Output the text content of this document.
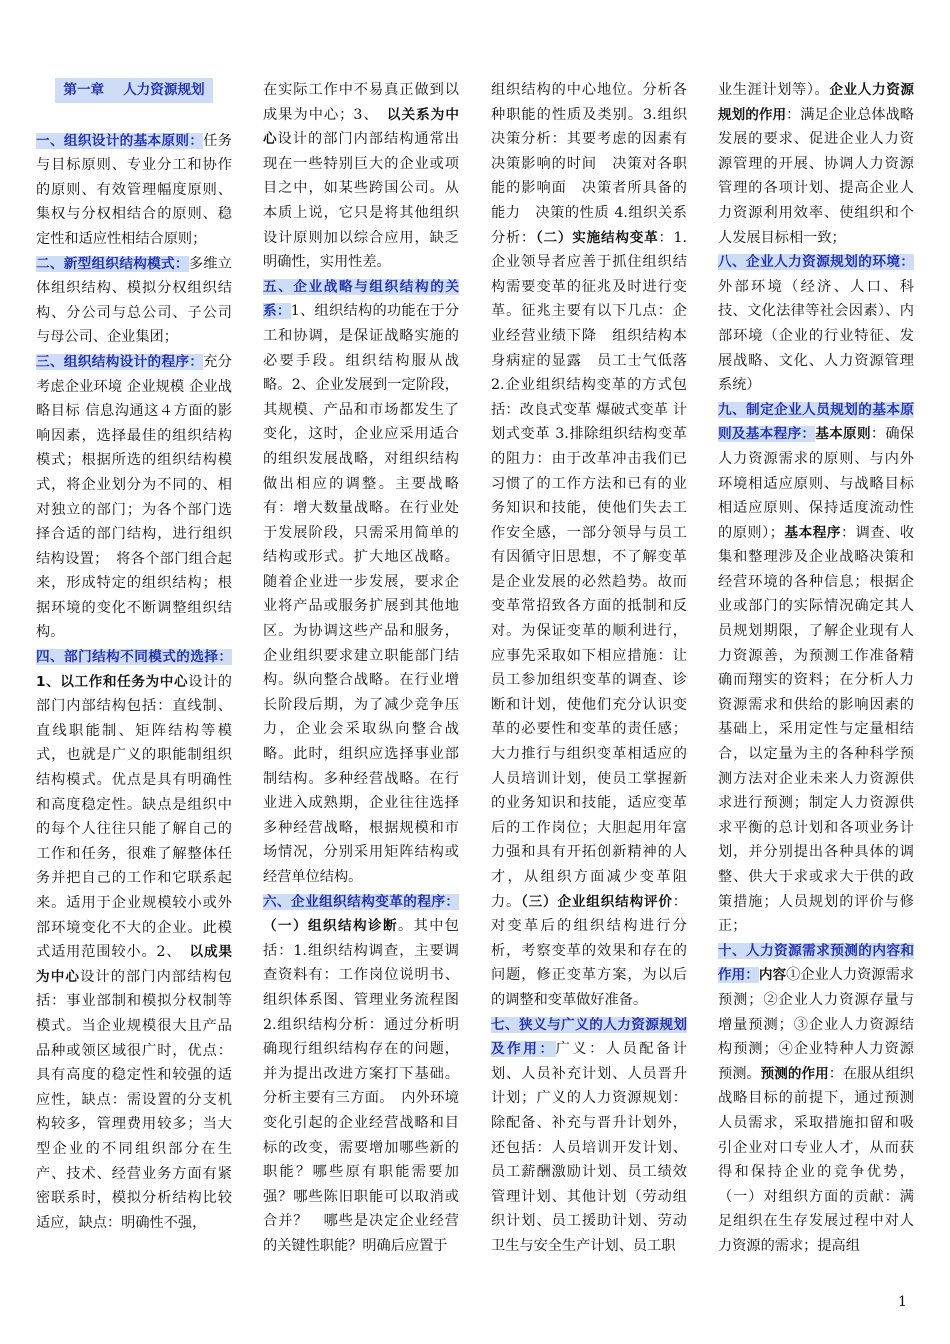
第一章    人力资源规划
一、组织设计的基本原则：任务与目标原则、专业分工和协作的原则、有效管理幅度原则、集权与分权相结合的原则、稳定性和适应性相结合原则；
二、新型组织结构模式：多维立体组织结构、模拟分权组织结构、分公司与总公司、子公司与母公司、企业集团；
三、组织结构设计的程序：充分考虑企业环境 企业规模 企业战略目标 信息沟通这４方面的影响因素，选择最佳的组织结构模式；根据所选的组织结构模式，将企业划分为不同的、相对独立的部门；为各个部门选择合适的部门结构，进行组织结构设置；　将各个部门组合起来，形成特定的组织结构；根据环境的变化不断调整组织结构。
四、部门结构不同模式的选择：1、以工作和任务为中心设计的部门内部结构包括：直线制、直线职能制、矩阵结构等模式，也就是广义的职能制组织结构模式。优点是具有明确性和高度稳定性。缺点是组织中的每个人往往只能了解自己的工作和任务，很难了解整体任务并把自己的工作和它联系起来。适用于企业规模较小或外部环境变化不大的企业。此模式适用范围较小。2、　以成果为中心设计的部门内部结构包括：事业部制和模拟分权制等模式。当企业规模很大且产品品种或领区域很广时，优点：具有高度的稳定性和较强的适应性，缺点：需设置的分支机构较多，管理费用较多；当大型企业的不同组织部分在生产、技术、经营业务方面有紧密联系时，模拟分析结构比较适应，缺点：明确性不强，
在实际工作中不易真正做到以成果为中心；3、　以关系为中心设计的部门内部结构通常出现在一些特别巨大的企业或项目之中，如某些跨国公司。从本质上说，它只是将其他组织设计原则加以综合应用，缺乏明确性，实用性差。
五、企业战略与组织结构的关系：1、组织结构的功能在于分工和协调，是保证战略实施的必要手段。组织结构服从战略。2、企业发展到一定阶段，其规模、产品和市场都发生了变化，这时，企业应采用适合的组织发展战略，对组织结构做出相应的调整。主要战略有：增大数量战略。在行业处于发展阶段，只需采用简单的结构或形式。扩大地区战略。随着企业进一步发展，要求企业将产品或服务扩展到其他地区。为协调这些产品和服务，企业组织要求建立职能部门结构。纵向整合战略。在行业增长阶段后期，为了减少竞争压力，企业会采取纵向整合战略。此时，组织应选择事业部制结构。多种经营战略。在行业进入成熟期，企业往往选择多种经营战略，根据规模和市场情况，分别采用矩阵结构或经营单位结构。
六、企业组织结构变革的程序：（一）组织结构诊断。其中包括：1.组织结构调查，主要调查资料有：工作岗位说明书、组织体系图、管理业务流程图 2.组织结构分析：通过分析明确现行组织结构存在的问题，并为提出改进方案打下基础。分析主要有三方面。　内外环境变化引起的企业经营战略和目标的改变，需要增加哪些新的职能？哪些原有职能需要加强？哪些陈旧职能可以取消或合并？　哪些是决定企业经营的关键性职能？明确后应置于
组织结构的中心地位。分析各种职能的性质及类别。3.组织决策分析：其要考虑的因素有决策影响的时间　决策对各职能的影响面　决策者所具备的能力　决策的性质 4.组织关系分析：（二）实施结构变革：1.企业领导者应善于抓住组织结构需要变革的征兆及时进行变革。征兆主要有以下几点：企业经营业绩下降　组织结构本身病症的显露　员工士气低落 2.企业组织结构变革的方式包括：改良式变革 爆破式变革 计划式变革 3.排除组织结构变革的阻力：由于改革冲击我们已习惯了的工作方法和已有的业务知识和技能，使他们失去工作安全感，一部分领导与员工有因循守旧思想，不了解变革是企业发展的必然趋势。故而变革常招致各方面的抵制和反对。为保证变革的顺利进行，应事先采取如下相应措施：让员工参加组织变革的调查、诊断和计划，使他们充分认识变革的必要性和变革的责任感；大力推行与组织变革相适应的人员培训计划，使员工掌握新的业务知识和技能，适应变革后的工作岗位；大胆起用年富力强和具有开拓创新精神的人才，从组织方面减少变革阻力。（三）企业组织结构评价：对变革后的组织结构进行分析，考察变革的效果和存在的问题，修正变革方案，为以后的调整和变革做好准备。
七、狭义与广义的人力资源规划及作用：广义：人员配备计划、人员补充计划、人员晋升计划；广义的人力资源规划：除配备、补充与晋升计划外，还包括：人员培训开发计划、员工薪酬激励计划、员工绩效管理计划、其他计划（劳动组织计划、员工援助计划、劳动卫生与安全生产计划、员工职
业生涯计划等）。企业人力资源规划的作用：满足企业总体战略发展的要求、促进企业人力资源管理的开展、协调人力资源管理的各项计划、提高企业人力资源利用效率、使组织和个人发展目标相一致；
八、企业人力资源规划的环境：外部环境（经济、人口、科技、文化法律等社会因素）、内部环境（企业的行业特征、发展战略、文化、人力资源管理系统）
九、制定企业人员规划的基本原则及基本程序：基本原则：确保人力资源需求的原则、与内外环境相适应原则、与战略目标相适应原则、保持适度流动性的原则）；基本程序：调查、收集和整理涉及企业战略决策和经营环境的各种信息；根据企业或部门的实际情况确定其人员规划期限，了解企业现有人力资源善，为预测工作准备精确而翔实的资料；在分析人力资源需求和供给的影响因素的基础上，采用定性与定量相结合，以定量为主的各种科学预测方法对企业未来人力资源供求进行预测；制定人力资源供求平衡的总计划和各项业务计划，并分别提出各种具体的调整、供大于求或求大于供的政策措施；人员规划的评价与修正；
十、人力资源需求预测的内容和作用：内容①企业人力资源需求预测；②企业人力资源存量与增量预测；③企业人力资源结构预测；④企业特种人力资源预测。预测的作用：在服从组织战略目标的前提下，通过预测人员需求，采取措施扣留和吸引企业对口专业人才，从而获得和保持企业的竞争优势，（一）对组织方面的贡献：满足组织在生存发展过程中对人力资源的需求；提高组
1
